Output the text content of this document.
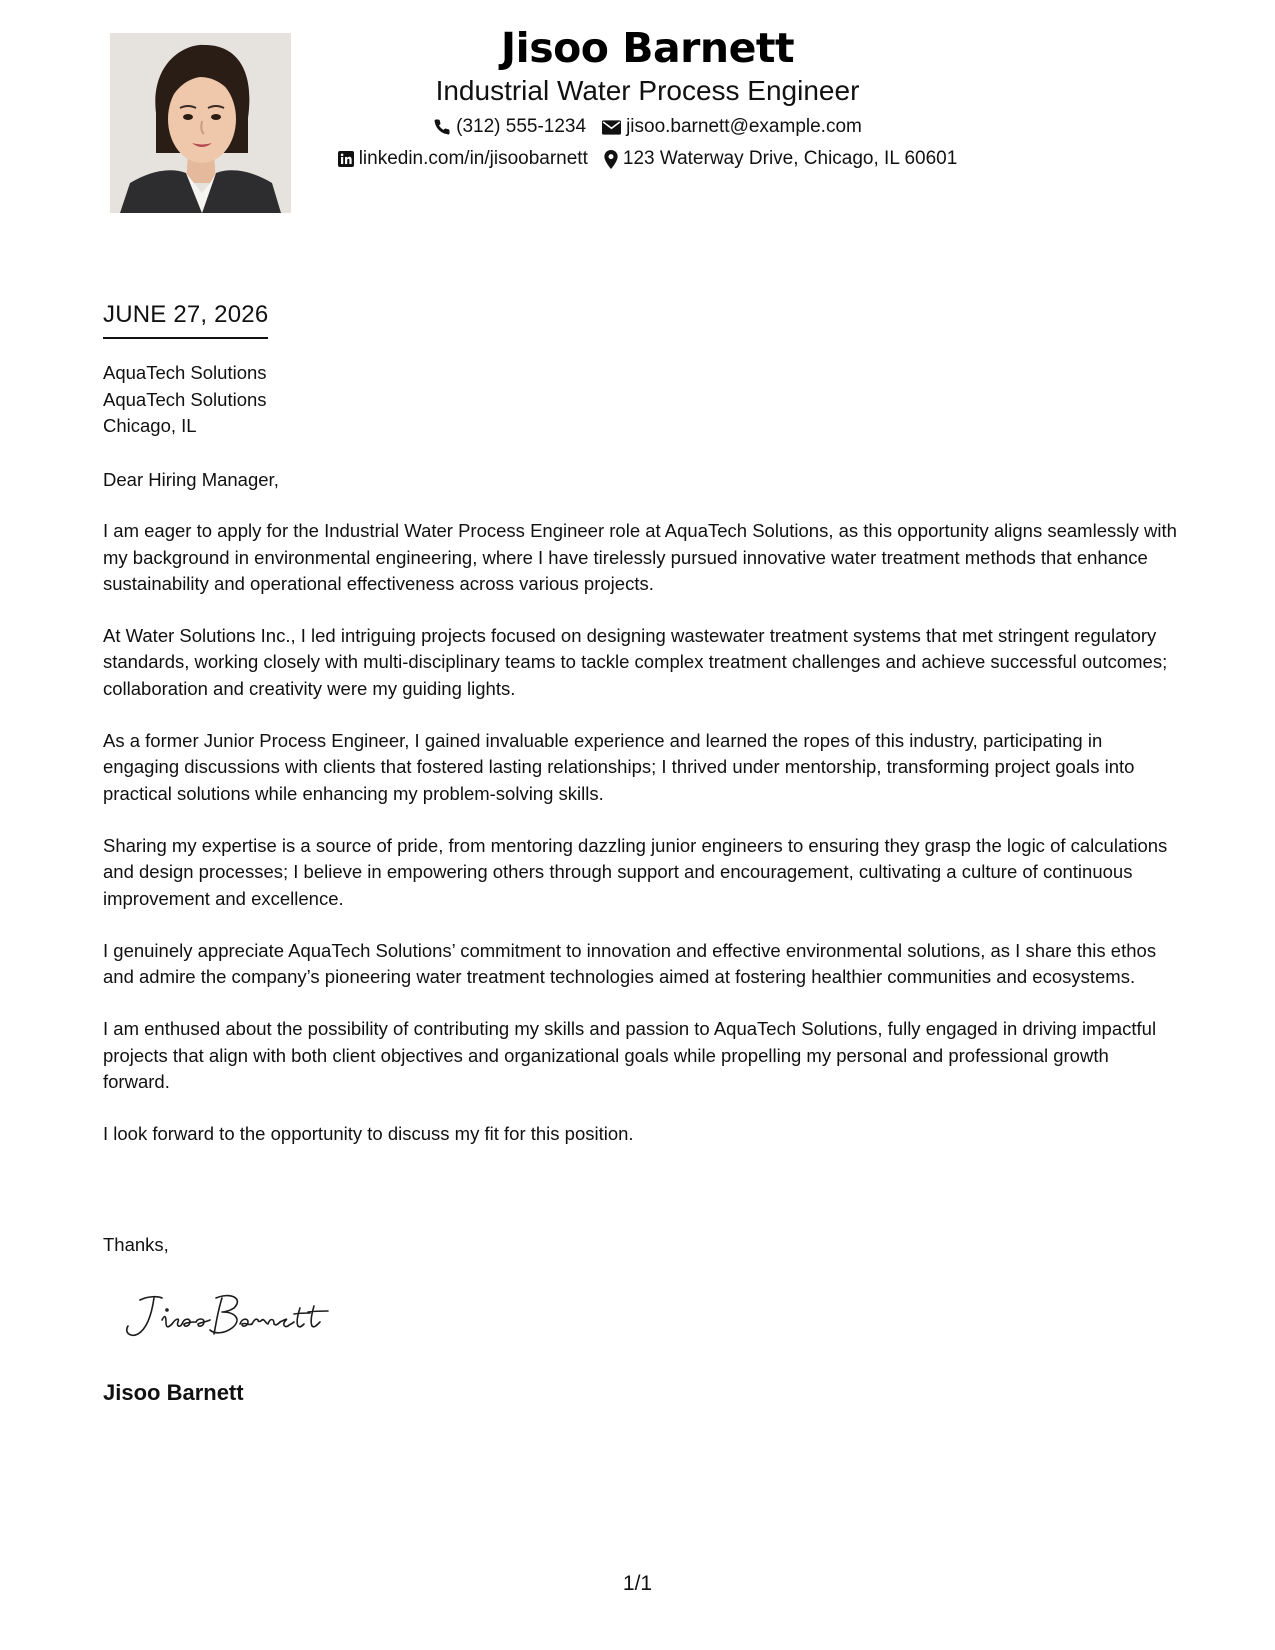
Jisoo Barnett
Industrial Water Process Engineer
(312) 555-1234 jisoo.barnett@example.com
linkedin.com/in/jisoobarnett 123 Waterway Drive, Chicago, IL 60601
JUNE 27, 2026
AquaTech Solutions
AquaTech Solutions
Chicago, IL

Dear Hiring Manager,

I am eager to apply for the Industrial Water Process Engineer role at AquaTech Solutions, as this opportunity aligns seamlessly with my background in environmental engineering, where I have tirelessly pursued innovative water treatment methods that enhance sustainability and operational effectiveness across various projects.

At Water Solutions Inc., I led intriguing projects focused on designing wastewater treatment systems that met stringent regulatory standards, working closely with multi-disciplinary teams to tackle complex treatment challenges and achieve successful outcomes; collaboration and creativity were my guiding lights.

As a former Junior Process Engineer, I gained invaluable experience and learned the ropes of this industry, participating in engaging discussions with clients that fostered lasting relationships; I thrived under mentorship, transforming project goals into practical solutions while enhancing my problem-solving skills.

Sharing my expertise is a source of pride, from mentoring dazzling junior engineers to ensuring they grasp the logic of calculations and design processes; I believe in empowering others through support and encouragement, cultivating a culture of continuous improvement and excellence.

I genuinely appreciate AquaTech Solutions’ commitment to innovation and effective environmental solutions, as I share this ethos and admire the company’s pioneering water treatment technologies aimed at fostering healthier communities and ecosystems.

I am enthused about the possibility of contributing my skills and passion to AquaTech Solutions, fully engaged in driving impactful projects that align with both client objectives and organizational goals while propelling my personal and professional growth forward.

I look forward to the opportunity to discuss my fit for this position.

Thanks,
Jisoo Barnett
1/1
